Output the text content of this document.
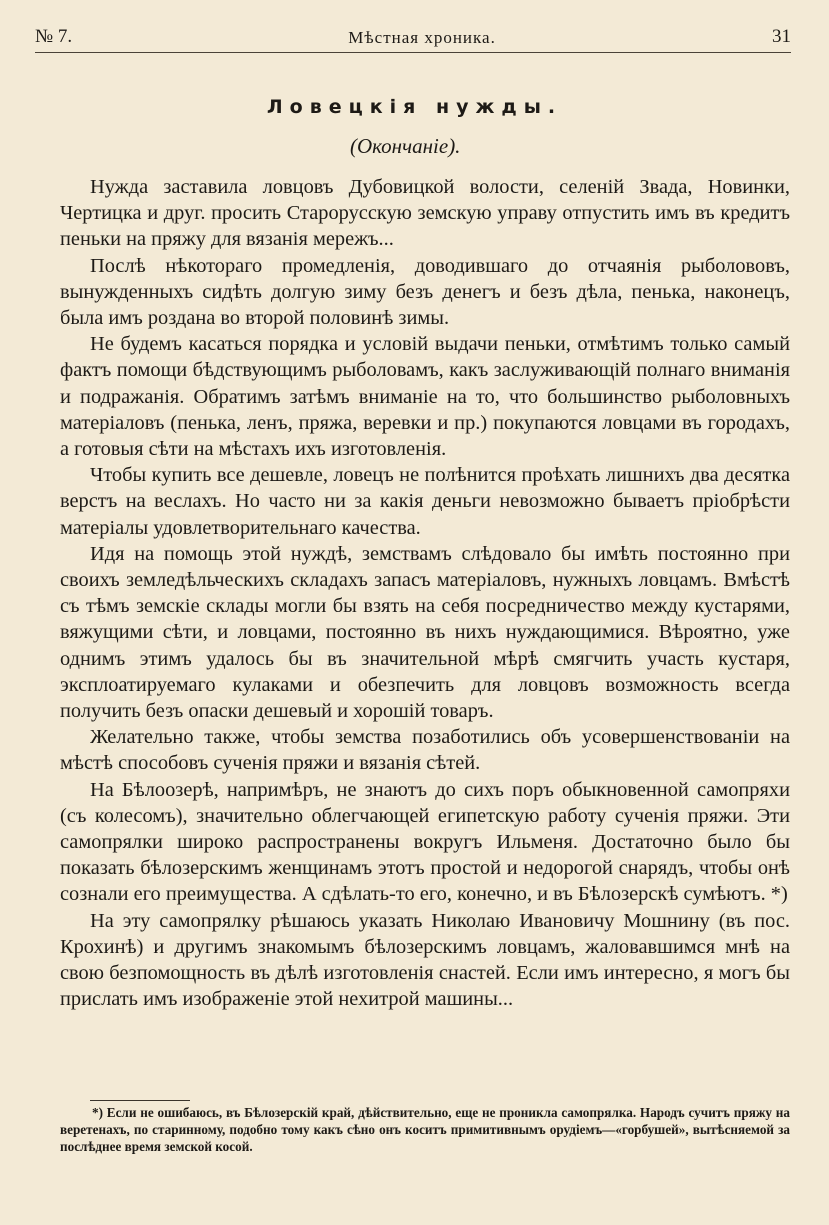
№ 7.	Мѣстная хроника.	31
Ловецкія нужды.
(Окончаніе).

Нужда заставила ловцовъ Дубовицкой волости, селеній Звада, Новинки, Чертицка и друг. просить Старорусскую земскую управу отпустить имъ въ кредитъ пеньки на пряжу для вязанія мережъ...

Послѣ нѣкотораго промедленія, доводившаго до отчаянія рыболововъ, вынужденныхъ сидѣть долгую зиму безъ денегъ и безъ дѣла, пенька, наконецъ, была имъ роздана во второй половинѣ зимы.

Не будемъ касаться порядка и условій выдачи пеньки, отмѣтимъ только самый фактъ помощи бѣдствующимъ рыболовамъ, какъ заслуживающій полнаго вниманія и подражанія. Обратимъ затѣмъ вниманіе на то, что большинство рыболовныхъ матеріаловъ (пенька, ленъ, пряжа, веревки и пр.) покупаются ловцами въ городахъ, а готовыя сѣти на мѣстахъ ихъ изготовленія.

Чтобы купить все дешевле, ловецъ не полѣнится проѣхать лишнихъ два десятка верстъ на веслахъ. Но часто ни за какія деньги невозможно бываетъ пріобрѣсти матеріалы удовлетворительнаго качества.

Идя на помощь этой нуждѣ, земствамъ слѣдовало бы имѣть постоянно при своихъ земледѣльческихъ складахъ запасъ матеріаловъ, нужныхъ ловцамъ. Вмѣстѣ съ тѣмъ земскіе склады могли бы взять на себя посредничество между кустарями, вяжущими сѣти, и ловцами, постоянно въ нихъ нуждающимися. Вѣроятно, уже однимъ этимъ удалось бы въ значительной мѣрѣ смягчить участь кустаря, эксплоатируемаго кулаками и обезпечить для ловцовъ возможность всегда получить безъ опаски дешевый и хорошій товаръ.

Желательно также, чтобы земства позаботились объ усовершенствованіи на мѣстѣ способовъ сученія пряжи и вязанія сѣтей.

На Бѣлоозерѣ, напримѣръ, не знаютъ до сихъ поръ обыкновенной самопряхи (съ колесомъ), значительно облегчающей египетскую работу сученія пряжи. Эти самопрялки широко распространены вокругъ Ильменя. Достаточно было бы показать бѣлозерскимъ женщинамъ этотъ простой и недорогой снарядъ, чтобы онѣ сознали его преимущества. А сдѣлать-то его, конечно, и въ Бѣлозерскѣ сумѣютъ. *)

На эту самопрялку рѣшаюсь указать Николаю Ивановичу Мошнину (въ пос. Крохинѣ) и другимъ знакомымъ бѣлозерскимъ ловцамъ, жаловавшимся мнѣ на свою безпомощность въ дѣлѣ изготовленія снастей. Если имъ интересно, я могъ бы прислать имъ изображеніе этой нехитрой машины...

*) Если не ошибаюсь, въ Бѣлозерскій край, дѣйствительно, еще не проникла самопрялка. Народъ сучитъ пряжу на веретенахъ, по старинному, подобно тому какъ сѣно онъ коситъ примитивнымъ орудіемъ—«горбушей», вытѣсняемой за послѣднее время земской косой.
